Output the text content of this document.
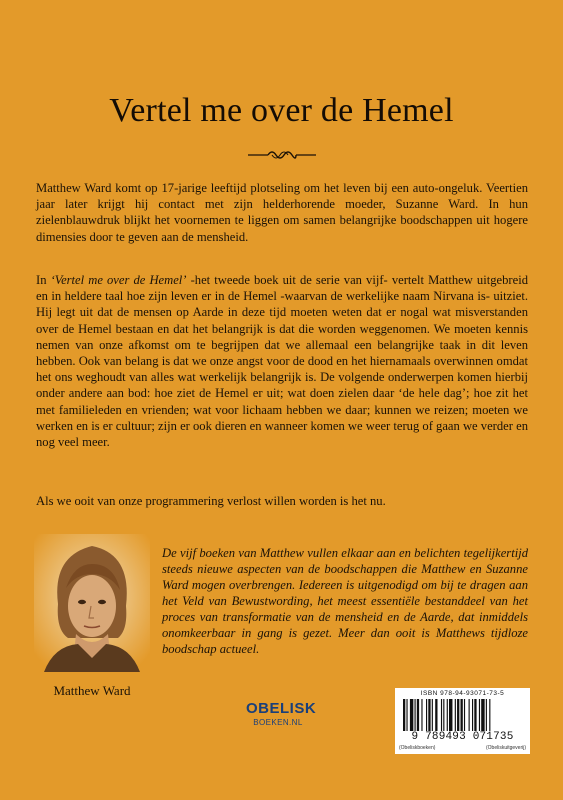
Vertel me over de Hemel

Matthew Ward komt op 17-jarige leeftijd plotseling om het leven bij een auto-ongeluk. Veertien jaar later krijgt hij contact met zijn helderhorende moeder, Suzanne Ward. In hun zielenblauwdruk blijkt het voornemen te liggen om samen belangrijke boodschappen uit hogere dimensies door te geven aan de mensheid.

In ‘Vertel me over de Hemel’ -het tweede boek uit de serie van vijf- vertelt Matthew uitgebreid en in heldere taal hoe zijn leven er in de Hemel -waarvan de werkelijke naam Nirvana is- uitziet. Hij legt uit dat de mensen op Aarde in deze tijd moeten weten dat er nogal wat misverstanden over de Hemel bestaan en dat het belangrijk is dat die worden weggenomen. We moeten kennis nemen van onze afkomst om te begrijpen dat we allemaal een belangrijke taak in dit leven hebben. Ook van belang is dat we onze angst voor de dood en het hiernamaals overwinnen omdat het ons weghoudt van alles wat werkelijk belangrijk is. De volgende onderwerpen komen hierbij onder andere aan bod: hoe ziet de Hemel er uit; wat doen zielen daar ‘de hele dag’; hoe zit het met familieleden en vrienden; wat voor lichaam hebben we daar; kunnen we reizen; moeten we werken en is er cultuur; zijn er ook dieren en wanneer komen we weer terug of gaan we verder en nog veel meer.

Als we ooit van onze programmering verlost willen worden is het nu.

Matthew Ward

De vijf boeken van Matthew vullen elkaar aan en belichten tegelijkertijd steeds nieuwe aspecten van de boodschappen die Matthew en Suzanne Ward mogen overbrengen. Iedereen is uitgenodigd om bij te dragen aan het Veld van Bewustwording, het meest essentiële bestanddeel van het proces van transformatie van de mensheid en de Aarde, dat inmiddels onomkeerbaar in gang is gezet. Meer dan ooit is Matthews tijdloze boodschap actueel.

OBELISK
BOEKEN.NL
ISBN 978-94-93071-73-5
9 789493 071735
(Obeliskboeken)	(Obeliskuitgeverij)
